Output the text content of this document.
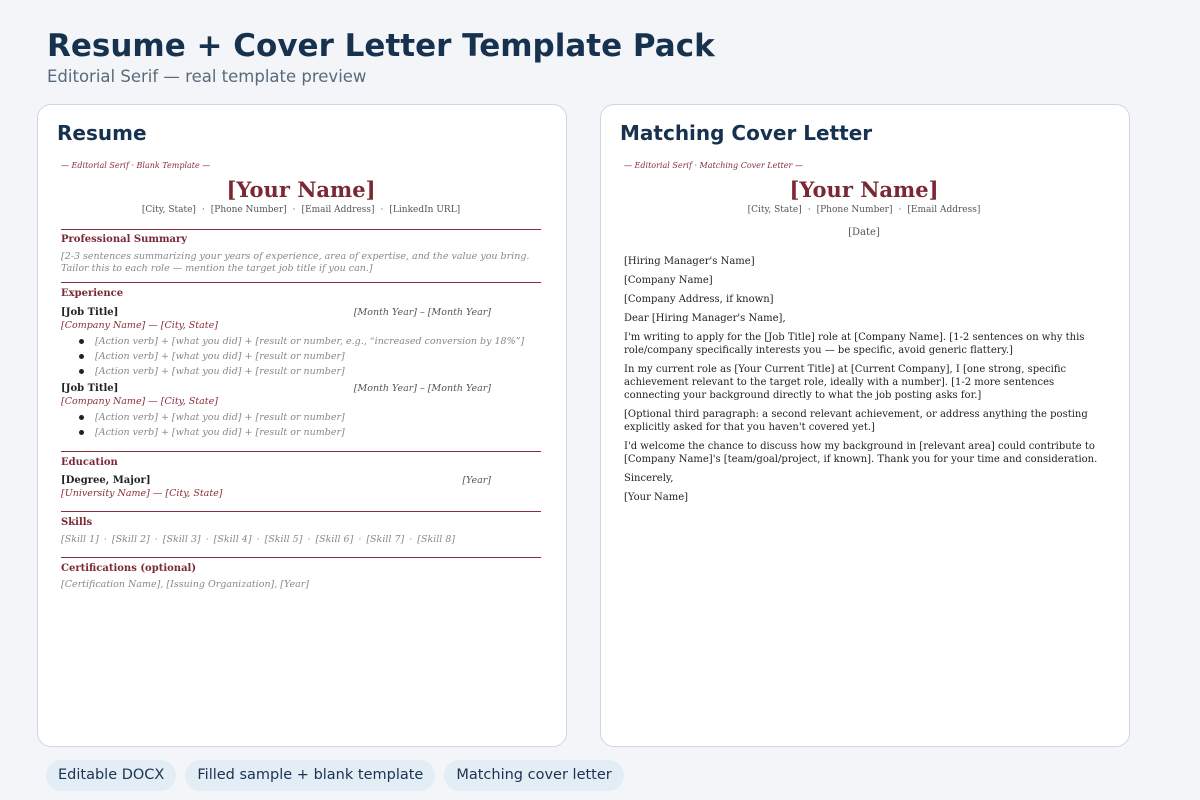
Resume + Cover Letter Template Pack
Editorial Serif — real template preview
Resume
— Editorial Serif · Blank Template —
[Your Name]
[City, State] · [Phone Number] · [Email Address] · [LinkedIn URL]
Professional Summary
[2-3 sentences summarizing your years of experience, area of expertise, and the value you bring. Tailor this to each role — mention the target job title if you can.]
Experience
[Job Title]	[Month Year] – [Month Year]
[Company Name] — [City, State]
[Action verb] + [what you did] + [result or number, e.g., “increased conversion by 18%”]
[Action verb] + [what you did] + [result or number]
[Action verb] + [what you did] + [result or number]
[Job Title]	[Month Year] – [Month Year]
[Company Name] — [City, State]
[Action verb] + [what you did] + [result or number]
[Action verb] + [what you did] + [result or number]
Education
[Degree, Major]	[Year]
[University Name] — [City, State]
Skills
[Skill 1] · [Skill 2] · [Skill 3] · [Skill 4] · [Skill 5] · [Skill 6] · [Skill 7] · [Skill 8]
Certifications (optional)
[Certification Name], [Issuing Organization], [Year]
Matching Cover Letter
— Editorial Serif · Matching Cover Letter —
[Your Name]
[City, State] · [Phone Number] · [Email Address]
[Date]

[Hiring Manager's Name]

[Company Name]

[Company Address, if known]

Dear [Hiring Manager's Name],

I'm writing to apply for the [Job Title] role at [Company Name]. [1-2 sentences on why this role/company specifically interests you — be specific, avoid generic flattery.]

In my current role as [Your Current Title] at [Current Company], I [one strong, specific achievement relevant to the target role, ideally with a number]. [1-2 more sentences connecting your background directly to what the job posting asks for.]

[Optional third paragraph: a second relevant achievement, or address anything the posting explicitly asked for that you haven't covered yet.]

I'd welcome the chance to discuss how my background in [relevant area] could contribute to [Company Name]'s [team/goal/project, if known]. Thank you for your time and consideration.

Sincerely,

[Your Name]

Editable DOCX	Filled sample + blank template	Matching cover letter
